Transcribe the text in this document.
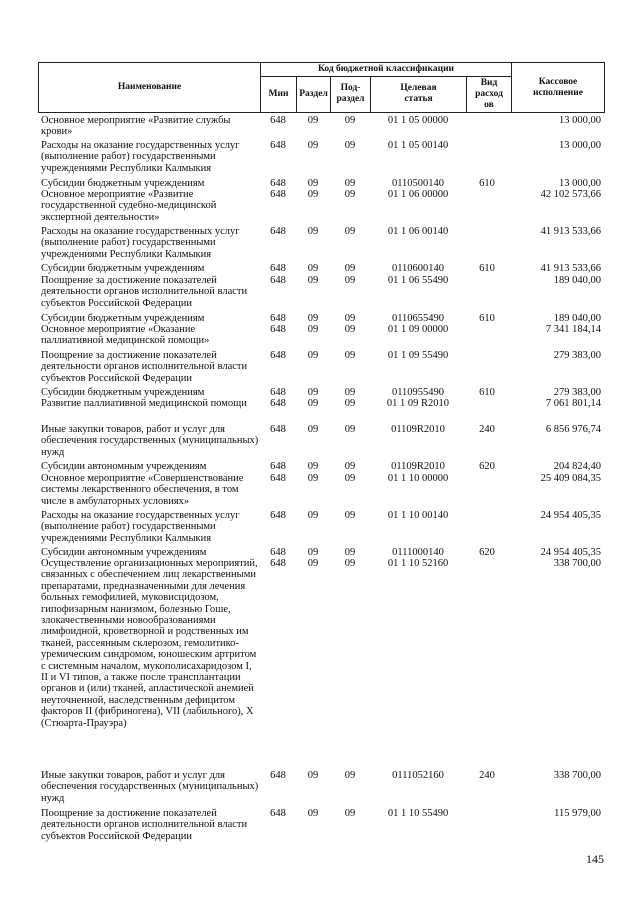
Наименование
Код бюджетной классификации
Мин	Раздел
Под-раздел
Целевая статья
Вид расход ов
Кассовое исполнение
Основное мероприятие «Развитие службы крови»
648	09	09	01 1 05 00000	13 000,00
Расходы на оказание государственных услуг (выполнение работ) государственными учреждениями Республики Калмыкия
648	09	09	01 1 05 00140	13 000,00
Субсидии бюджетным учреждениям	648	09	09	0110500140	610	13 000,00
Основное мероприятие «Развитие государственной судебно-медицинской экспертной деятельности»
648	09	09	01 1 06 00000	42 102 573,66
Расходы на оказание государственных услуг (выполнение работ) государственными учреждениями Республики Калмыкия
648	09	09	01 1 06 00140	41 913 533,66
Субсидии бюджетным учреждениям	648	09	09	0110600140	610	41 913 533,66
Поощрение за достижение показателей деятельности органов исполнительной власти субъектов Российской Федерации
648	09	09	01 1 06 55490	189 040,00
Субсидии бюджетным учреждениям	648	09	09	0110655490	610	189 040,00
Основное мероприятие «Оказание паллиативной медицинской помощи»
648	09	09	01 1 09 00000	7 341 184,14
Поощрение за достижение показателей деятельности органов исполнительной власти субъектов Российской Федерации
648	09	09	01 1 09 55490	279 383,00
Субсидии бюджетным учреждениям	648	09	09	0110955490	610	279 383,00
Развитие паллиативной медицинской помощи	648	09	09	01 1 09 R2010	7 061 801,14
Иные закупки товаров, работ и услуг для обеспечения государственных (муниципальных) нужд
648	09	09	01109R2010	240	6 856 976,74
Субсидии автономным учреждениям	648	09	09	01109R2010	620	204 824,40
Основное мероприятие «Совершенствование системы лекарственного обеспечения, в том числе в амбулаторных условиях»
648	09	09	01 1 10 00000	25 409 084,35
Расходы на оказание государственных услуг (выполнение работ) государственными учреждениями Республики Калмыкия
648	09	09	01 1 10 00140	24 954 405,35
Субсидии автономным учреждениям	648	09	09	0111000140	620	24 954 405,35
Осуществление организационных мероприятий, связанных с обеспечением лиц лекарственными препаратами, предназначенными для лечения больных гемофилией, муковисцидозом, гипофизарным нанизмом, болезнью Гоше, злокачественными новообразованиями лимфоидной, кроветворной и родственных им тканей, рассеянным склерозом, гемолитико-уремическим синдромом, юношеским артритом с системным началом, мукополисахаридозом I, II и VI типов, а также после трансплантации органов и (или) тканей, апластической анемией неуточненной, наследственным дефицитом факторов II (фибриногена), VII (лабильного), X (Стюарта-Прауэра)
648	09	09	01 1 10 52160	338 700,00
Иные закупки товаров, работ и услуг для обеспечения государственных (муниципальных) нужд
648	09	09	0111052160	240	338 700,00
Поощрение за достижение показателей деятельности органов исполнительной власти субъектов Российской Федерации
648	09	09	01 1 10 55490	115 979,00
145
